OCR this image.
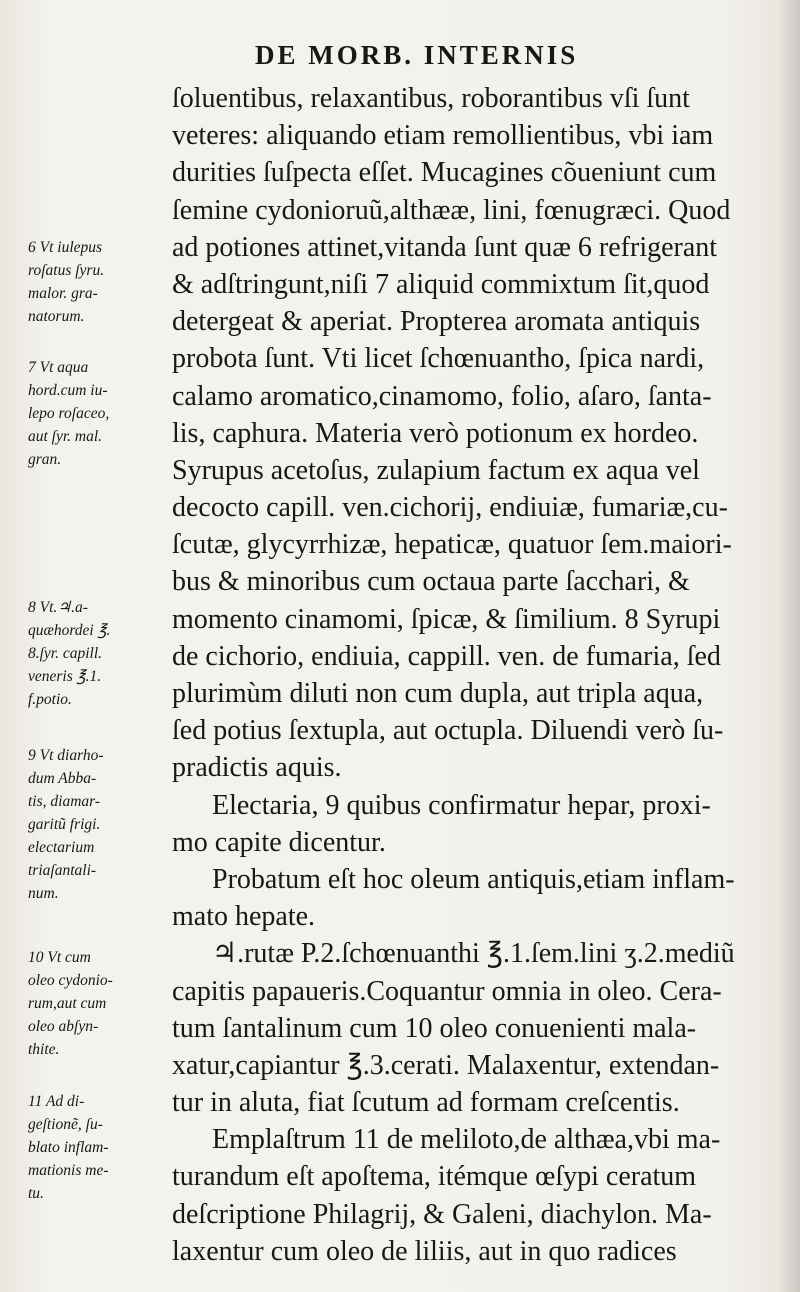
DE MORB. INTERNIS
ſoluentibus, relaxantibus, roborantibus vſi ſunt
veteres: aliquando etiam remollientibus, vbi iam
durities ſuſpecta eſſet. Mucagines cõueniunt cum
ſemine cydonioruũ,althææ, lini, fœnugræci. Quod
ad potiones attinet,vitanda ſunt quæ 6 refrigerant
& adſtringunt,niſi 7 aliquid commixtum ſit,quod
detergeat & aperiat. Propterea aromata antiquis
probota ſunt. Vti licet ſchœnuantho, ſpica nardi,
calamo aromatico,cinamomo, folio, aſaro, ſanta-
lis, caphura. Materia verò potionum ex hordeo.
Syrupus acetoſus, zulapium factum ex aqua vel
decocto capill. ven.cichorij, endiuiæ, fumariæ,cu-
ſcutæ, glycyrrhizæ, hepaticæ, quatuor ſem.maiori-
bus & minoribus cum octaua parte ſacchari, &
momento cinamomi, ſpicæ, & ſimilium. 8 Syrupi
de cichorio, endiuia, cappill. ven. de fumaria, ſed
plurimùm diluti non cum dupla, aut tripla aqua,
ſed potius ſextupla, aut octupla. Diluendi verò ſu-
pradictis aquis.
Electaria, 9 quibus confirmatur hepar, proxi-
mo capite dicentur.
Probatum eſt hoc oleum antiquis,etiam inflam-
mato hepate.
♃.rutæ P.2.ſchœnuanthi ℥.1.ſem.lini ʒ.2.mediũ
capitis papaueris.Coquantur omnia in oleo. Cera-
tum ſantalinum cum 10 oleo conuenienti mala-
xatur,capiantur ℥.3.cerati. Malaxentur, extendan-
tur in aluta, fiat ſcutum ad formam creſcentis.
Emplaſtrum 11 de meliloto,de althæa,vbi ma-
turandum eſt apoſtema, itémque œſypi ceratum
deſcriptione Philagrij, & Galeni, diachylon. Ma-
laxentur cum oleo de liliis, aut in quo radices
6 Vt iulepus
roſatus ſyru.
malor. gra-
natorum.
7 Vt aqua
hord.cum iu-
lepo roſaceo,
aut ſyr. mal.
gran.
8 Vt.♃.a-
quæhordei ℥.
8.ſyr. capill.
veneris ℥.1.
f.potio.
9 Vt diarho-
dum Abba-
tis, diamar-
garitũ frigi.
electarium
triaſantali-
num.
10 Vt cum
oleo cydonio-
rum,aut cum
oleo abſyn-
thite.
11 Ad di-
geſtionẽ, ſu-
blato inflam-
mationis me-
tu.
